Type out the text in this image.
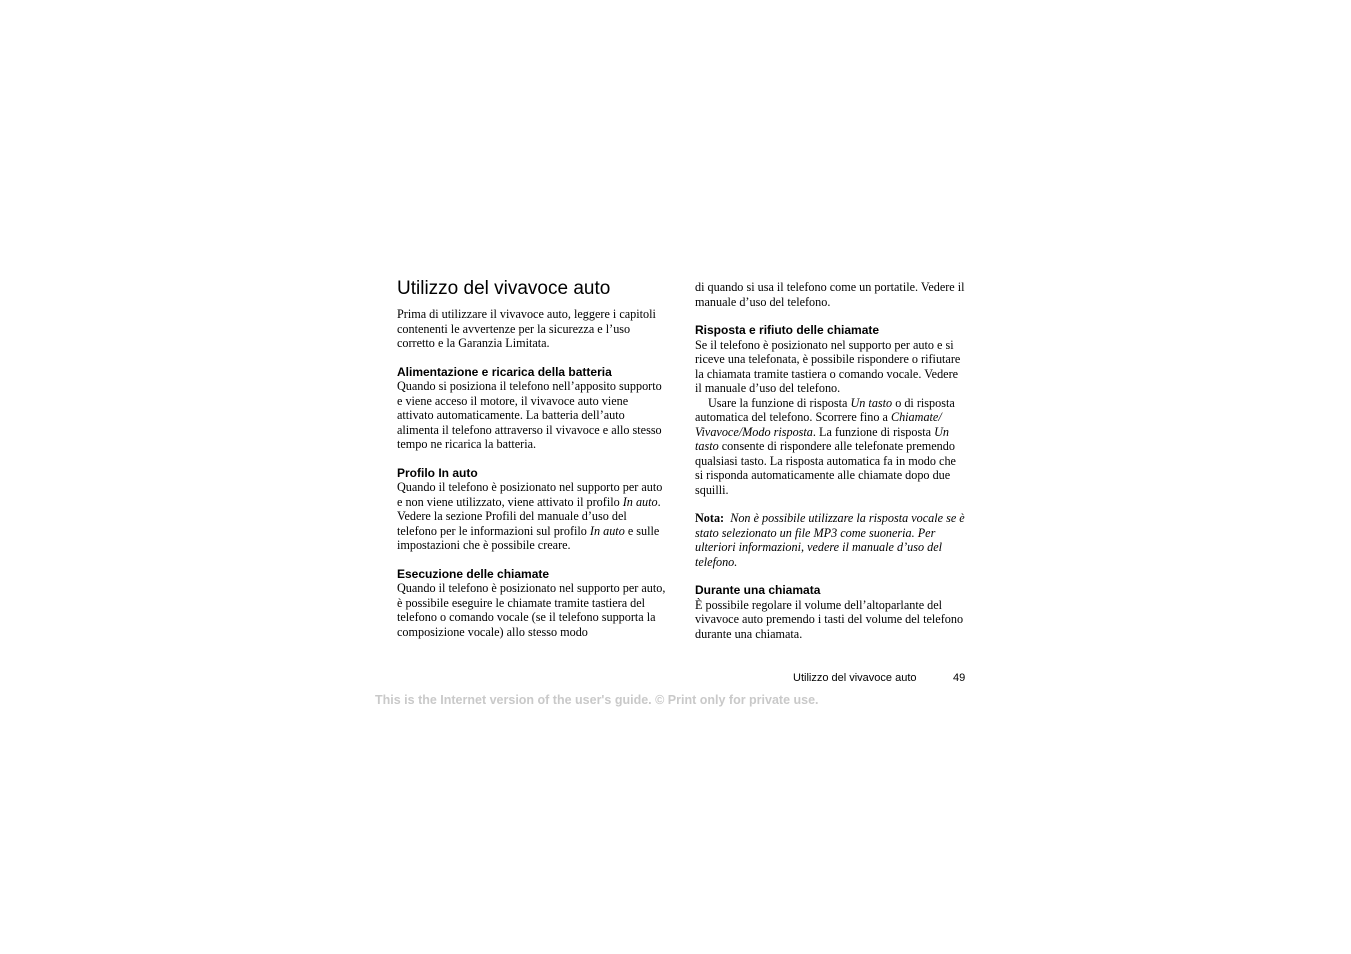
Utilizzo del vivavoce auto

Prima di utilizzare il vivavoce auto, leggere i capitoli contenenti le avvertenze per la sicurezza e l’uso corretto e la Garanzia Limitata.

Alimentazione e ricarica della batteria

Quando si posiziona il telefono nell’apposito supporto e viene acceso il motore, il vivavoce auto viene attivato automaticamente. La batteria dell’auto alimenta il telefono attraverso il vivavoce e allo stesso tempo ne ricarica la batteria.

Profilo In auto

Quando il telefono è posizionato nel supporto per auto e non viene utilizzato, viene attivato il profilo In auto. Vedere la sezione Profili del manuale d’uso del telefono per le informazioni sul profilo In auto e sulle impostazioni che è possibile creare.

Esecuzione delle chiamate

Quando il telefono è posizionato nel supporto per auto, è possibile eseguire le chiamate tramite tastiera del telefono o comando vocale (se il telefono supporta la composizione vocale) allo stesso modo

di quando si usa il telefono come un portatile. Vedere il manuale d’uso del telefono.

Risposta e rifiuto delle chiamate

Se il telefono è posizionato nel supporto per auto e si riceve una telefonata, è possibile rispondere o rifiutare la chiamata tramite tastiera o comando vocale. Vedere il manuale d’uso del telefono.

Usare la funzione di risposta Un tasto o di risposta automatica del telefono. Scorrere fino a Chiamate/ Vivavoce/Modo risposta. La funzione di risposta Un tasto consente di rispondere alle telefonate premendo qualsiasi tasto. La risposta automatica fa in modo che si risponda automaticamente alle chiamate dopo due squilli.

Nota: Non è possibile utilizzare la risposta vocale se è stato selezionato un file MP3 come suoneria. Per ulteriori informazioni, vedere il manuale d’uso del telefono.

Durante una chiamata

È possibile regolare il volume dell’altoparlante del vivavoce auto premendo i tasti del volume del telefono durante una chiamata.

Utilizzo del vivavoce auto	49
This is the Internet version of the user's guide. © Print only for private use.
